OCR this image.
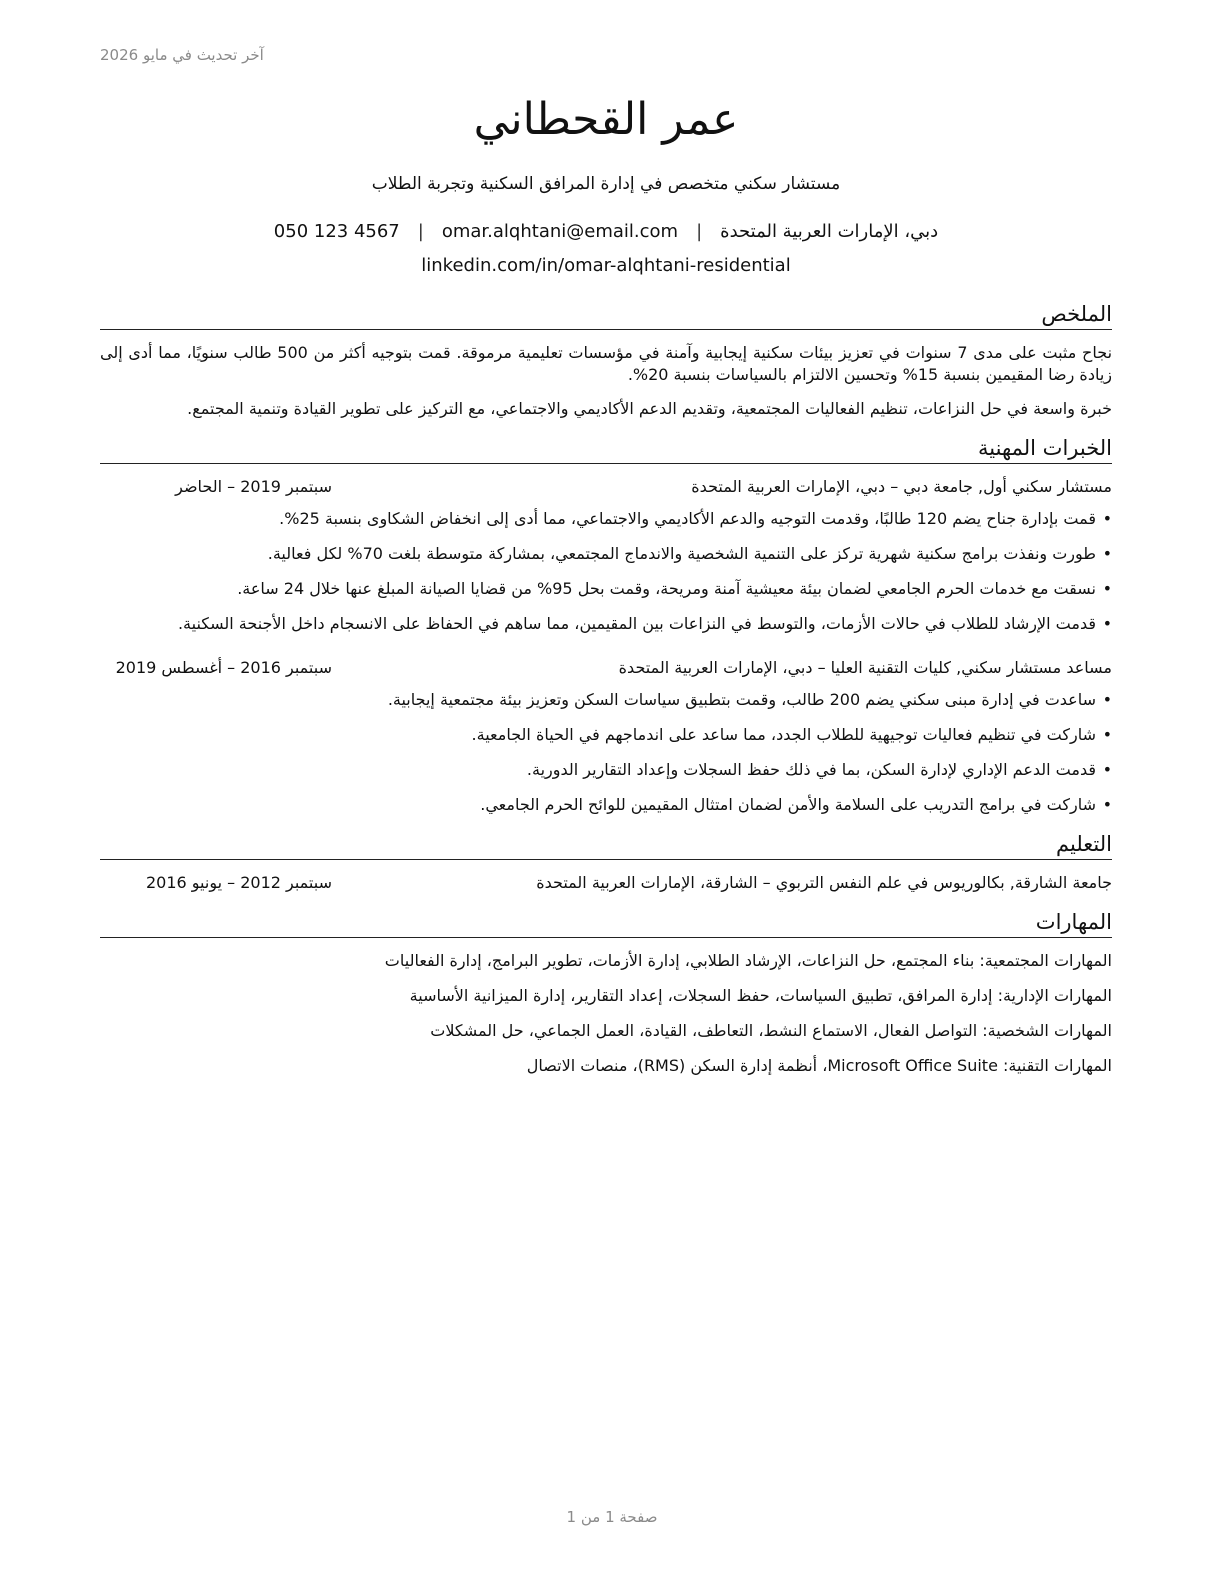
آخر تحديث في مايو 2026
عمر القحطاني
مستشار سكني متخصص في إدارة المرافق السكنية وتجربة الطلاب
دبي، الإمارات العربية المتحدة
|
omar.alqhtani@email.com
|
050 123 4567
linkedin.com/in/omar-alqhtani-residential
الملخص

نجاح مثبت على مدى 7 سنوات في تعزيز بيئات سكنية إيجابية وآمنة في مؤسسات تعليمية مرموقة. قمت بتوجيه أكثر من 500 طالب سنويًا، مما أدى إلى زيادة رضا المقيمين بنسبة 15% وتحسين الالتزام بالسياسات بنسبة 20%.

خبرة واسعة في حل النزاعات، تنظيم الفعاليات المجتمعية، وتقديم الدعم الأكاديمي والاجتماعي، مع التركيز على تطوير القيادة وتنمية المجتمع.

الخبرات المهنية
مستشار سكني أول, جامعة دبي – دبي، الإمارات العربية المتحدة
سبتمبر 2019 – الحاضر
•
قمت بإدارة جناح يضم 120 طالبًا، وقدمت التوجيه والدعم الأكاديمي والاجتماعي، مما أدى إلى انخفاض الشكاوى بنسبة 25%.
•
طورت ونفذت برامج سكنية شهرية تركز على التنمية الشخصية والاندماج المجتمعي، بمشاركة متوسطة بلغت 70% لكل فعالية.
•
نسقت مع خدمات الحرم الجامعي لضمان بيئة معيشية آمنة ومريحة، وقمت بحل 95% من قضايا الصيانة المبلغ عنها خلال 24 ساعة.
•
قدمت الإرشاد للطلاب في حالات الأزمات، والتوسط في النزاعات بين المقيمين، مما ساهم في الحفاظ على الانسجام داخل الأجنحة السكنية.
مساعد مستشار سكني, كليات التقنية العليا – دبي، الإمارات العربية المتحدة
سبتمبر 2016 – أغسطس 2019
•
ساعدت في إدارة مبنى سكني يضم 200 طالب، وقمت بتطبيق سياسات السكن وتعزيز بيئة مجتمعية إيجابية.
•
شاركت في تنظيم فعاليات توجيهية للطلاب الجدد، مما ساعد على اندماجهم في الحياة الجامعية.
•
قدمت الدعم الإداري لإدارة السكن، بما في ذلك حفظ السجلات وإعداد التقارير الدورية.
•
شاركت في برامج التدريب على السلامة والأمن لضمان امتثال المقيمين للوائح الحرم الجامعي.
التعليم
جامعة الشارقة, بكالوريوس في علم النفس التربوي – الشارقة، الإمارات العربية المتحدة
سبتمبر 2012 – يونيو 2016
المهارات

المهارات المجتمعية: بناء المجتمع، حل النزاعات، الإرشاد الطلابي، إدارة الأزمات، تطوير البرامج، إدارة الفعاليات

المهارات الإدارية: إدارة المرافق، تطبيق السياسات، حفظ السجلات، إعداد التقارير، إدارة الميزانية الأساسية

المهارات الشخصية: التواصل الفعال، الاستماع النشط، التعاطف، القيادة، العمل الجماعي، حل المشكلات

المهارات التقنية: Microsoft Office Suite، أنظمة إدارة السكن (RMS)، منصات الاتصال

صفحة 1 من 1
